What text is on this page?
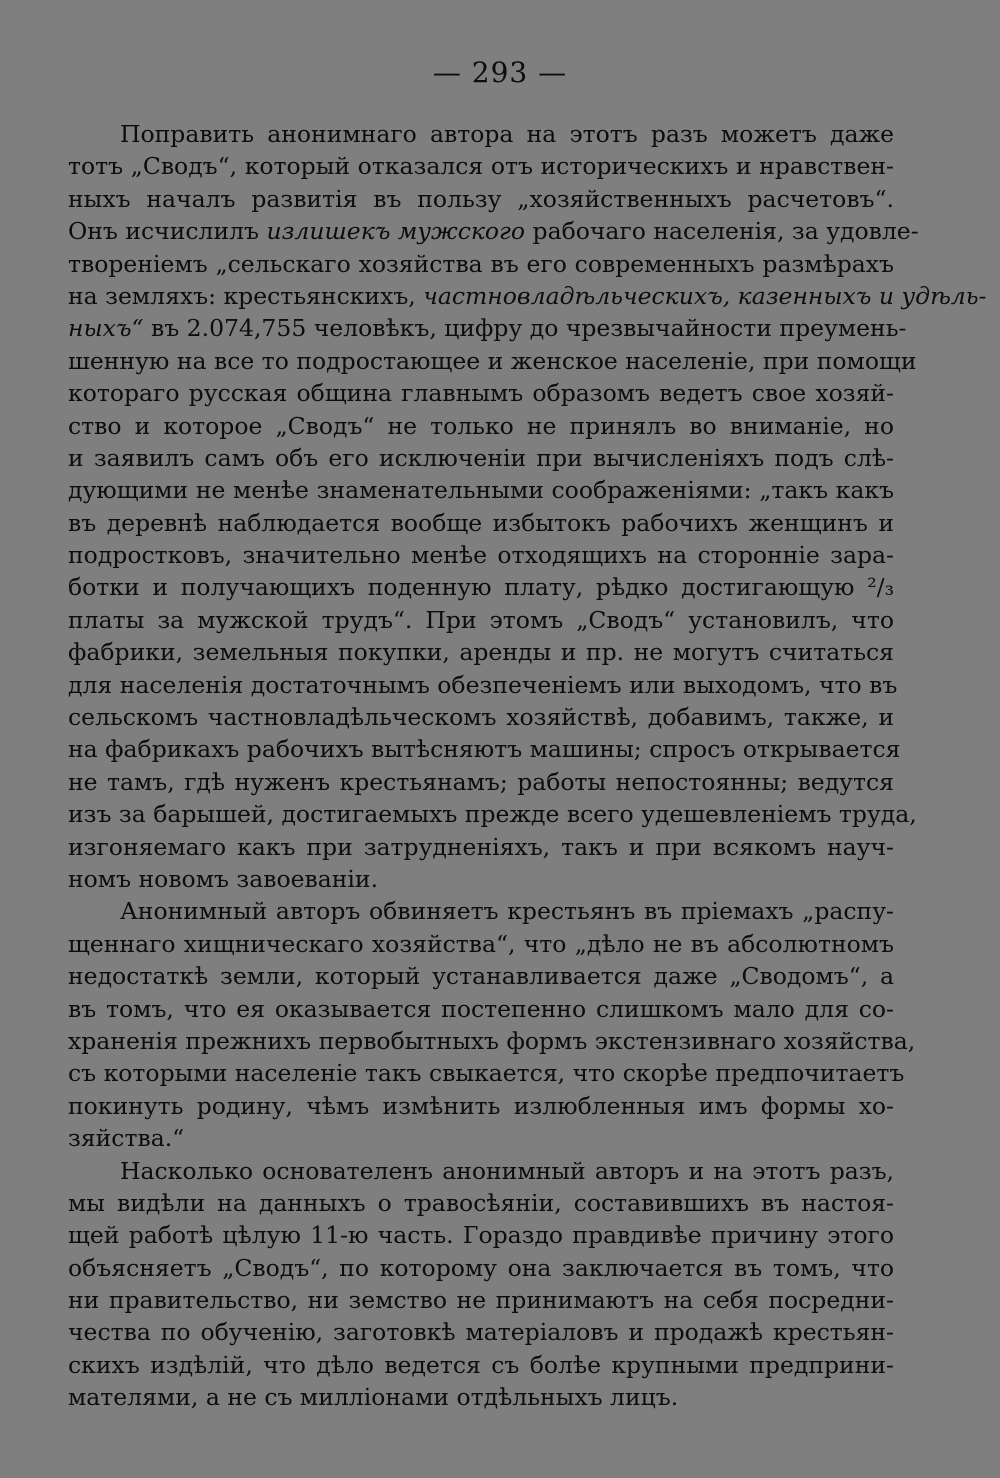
— 293 —
Поправить анонимнаго автора на этотъ разъ можетъ даже
тотъ „Сводъ“, который отказался отъ историческихъ и нравствен-
ныхъ началъ развитія въ пользу „хозяйственныхъ расчетовъ“.
Онъ исчислилъ излишекъ мужского рабочаго населенія, за удовле-
твореніемъ „сельскаго хозяйства въ его современныхъ размѣрахъ
на земляхъ: крестьянскихъ, частновладѣльческихъ, казенныхъ и удѣль-
ныхъ“ въ 2.074,755 человѣкъ, цифру до чрезвычайности преумень-
шенную на все то подростающее и женское населеніе, при помощи
котораго русская община главнымъ образомъ ведетъ свое хозяй-
ство и которое „Сводъ“ не только не принялъ во вниманіе, но
и заявилъ самъ объ его исключеніи при вычисленіяхъ подъ слѣ-
дующими не менѣе знаменательными соображеніями: „такъ какъ
въ деревнѣ наблюдается вообще избытокъ рабочихъ женщинъ и
подростковъ, значительно менѣе отходящихъ на сторонніе зара-
ботки и получающихъ поденную плату, рѣдко достигающую ²/₃
платы за мужской трудъ“. При этомъ „Сводъ“ установилъ, что
фабрики, земельныя покупки, аренды и пр. не могутъ считаться
для населенія достаточнымъ обезпеченіемъ или выходомъ, что въ
сельскомъ частновладѣльческомъ хозяйствѣ, добавимъ, также, и
на фабрикахъ рабочихъ вытѣсняютъ машины; спросъ открывается
не тамъ, гдѣ нуженъ крестьянамъ; работы непостоянны; ведутся
изъ за барышей, достигаемыхъ прежде всего удешевленіемъ труда,
изгоняемаго какъ при затрудненіяхъ, такъ и при всякомъ науч-
номъ новомъ завоеваніи.
Анонимный авторъ обвиняетъ крестьянъ въ пріемахъ „распу-
щеннаго хищническаго хозяйства“, что „дѣло не въ абсолютномъ
недостаткѣ земли, который устанавливается даже „Сводомъ“, а
въ томъ, что ея оказывается постепенно слишкомъ мало для со-
храненія прежнихъ первобытныхъ формъ экстензивнаго хозяйства,
съ которыми населеніе такъ свыкается, что скорѣе предпочитаетъ
покинуть родину, чѣмъ измѣнить излюбленныя имъ формы хо-
зяйства.“
Насколько основателенъ анонимный авторъ и на этотъ разъ,
мы видѣли на данныхъ о травосѣяніи, составившихъ въ настоя-
щей работѣ цѣлую 11-ю часть. Гораздо правдивѣе причину этого
объясняетъ „Сводъ“, по которому она заключается въ томъ, что
ни правительство, ни земство не принимаютъ на себя посредни-
чества по обученію, заготовкѣ матеріаловъ и продажѣ крестьян-
скихъ издѣлій, что дѣло ведется съ болѣе крупными предприни-
мателями, а не съ милліонами отдѣльныхъ лицъ.
